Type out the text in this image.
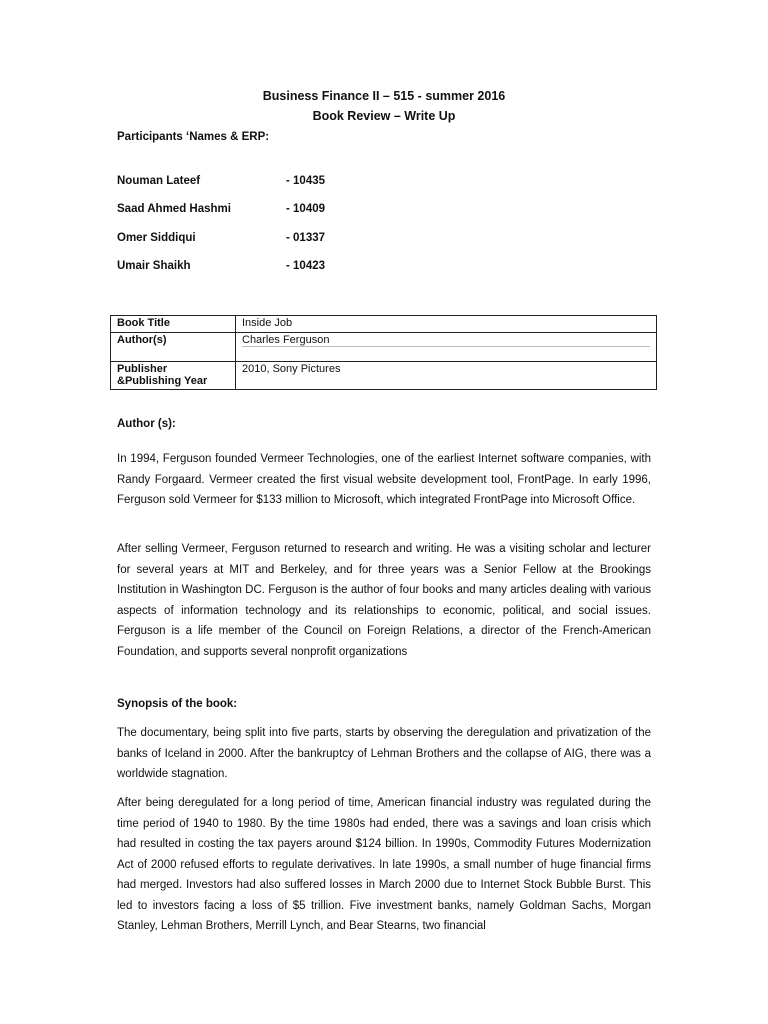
Business Finance II – 515 - summer 2016
Book Review – Write Up
Participants ‘Names & ERP:
Nouman Lateef	- 10435
Saad Ahmed Hashmi	- 10409
Omer Siddiqui	- 01337
Umair Shaikh	- 10423
Book Title	Inside Job
Author(s)	Charles Ferguson

Publisher &Publishing Year	2010, Sony Pictures
Author (s):

In 1994, Ferguson founded Vermeer Technologies, one of the earliest Internet software companies, with Randy Forgaard. Vermeer created the first visual website development tool, FrontPage. In early 1996, Ferguson sold Vermeer for $133 million to Microsoft, which integrated FrontPage into Microsoft Office.

After selling Vermeer, Ferguson returned to research and writing. He was a visiting scholar and lecturer for several years at MIT and Berkeley, and for three years was a Senior Fellow at the Brookings Institution in Washington DC. Ferguson is the author of four books and many articles dealing with various aspects of information technology and its relationships to economic, political, and social issues. Ferguson is a life member of the Council on Foreign Relations, a director of the French-American Foundation, and supports several nonprofit organizations

Synopsis of the book:

The documentary, being split into five parts, starts by observing the deregulation and privatization of the banks of Iceland in 2000. After the bankruptcy of Lehman Brothers and the collapse of AIG, there was a worldwide stagnation.

After being deregulated for a long period of time, American financial industry was regulated during the time period of 1940 to 1980. By the time 1980s had ended, there was a savings and loan crisis which had resulted in costing the tax payers around $124 billion. In 1990s, Commodity Futures Modernization Act of 2000 refused efforts to regulate derivatives. In late 1990s, a small number of huge financial firms had merged. Investors had also suffered losses in March 2000 due to Internet Stock Bubble Burst. This led to investors facing a loss of $5 trillion. Five investment banks, namely Goldman Sachs, Morgan Stanley, Lehman Brothers, Merrill Lynch, and Bear Stearns, two financial
